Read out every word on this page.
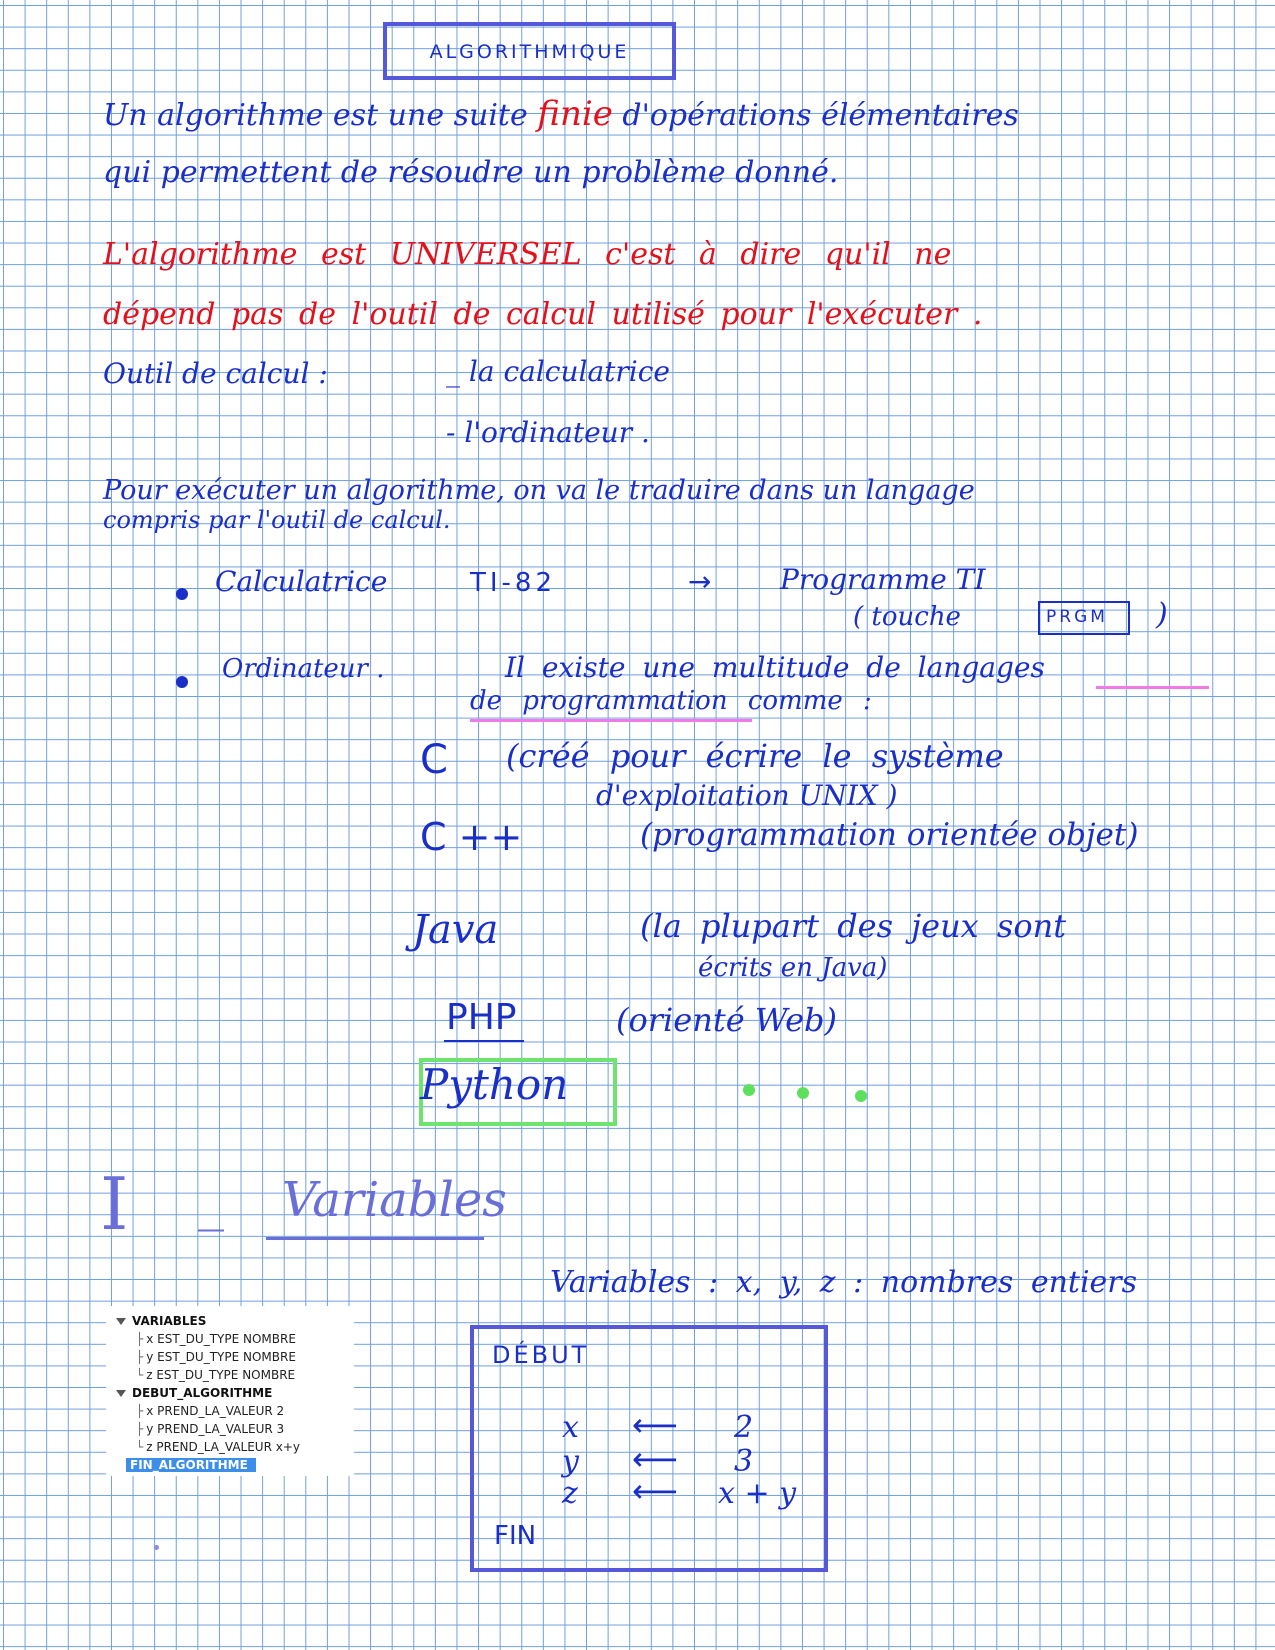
ALGORITHMIQUE
Un algorithme est une suite finie d'opérations élémentaires
qui permettent de résoudre un problème donné.
L'algorithme est UNIVERSEL c'est à dire qu'il ne
dépend pas de l'outil de calcul utilisé pour l'exécuter .
Outil de calcul :	_ la calculatrice
- l'ordinateur .
Pour exécuter un algorithme, on va le traduire dans un langage
compris par l'outil de calcul.
Calculatrice	TI-82	→ Programme TI
( touche	PRGM )
Ordinateur .	Il existe une multitude de langages
de programmation comme :
C (créé pour écrire le système
d'exploitation UNIX )
C ++	(programmation orientée objet)
Java	(la plupart des jeux sont
écrits en Java)
PHP	(orienté Web)
Python
I _ Variables
VARIABLES
├ x EST_DU_TYPE NOMBRE
├ y EST_DU_TYPE NOMBRE
└ z EST_DU_TYPE NOMBRE
DEBUT_ALGORITHME
├ x PREND_LA_VALEUR 2
├ y PREND_LA_VALEUR 3
└ z PREND_LA_VALEUR x+y
FIN_ALGORITHME
Variables : x, y, z : nombres entiers
DÉBUT
x ⟵ 2
y ⟵ 3
z ⟵ x + y
FIN
